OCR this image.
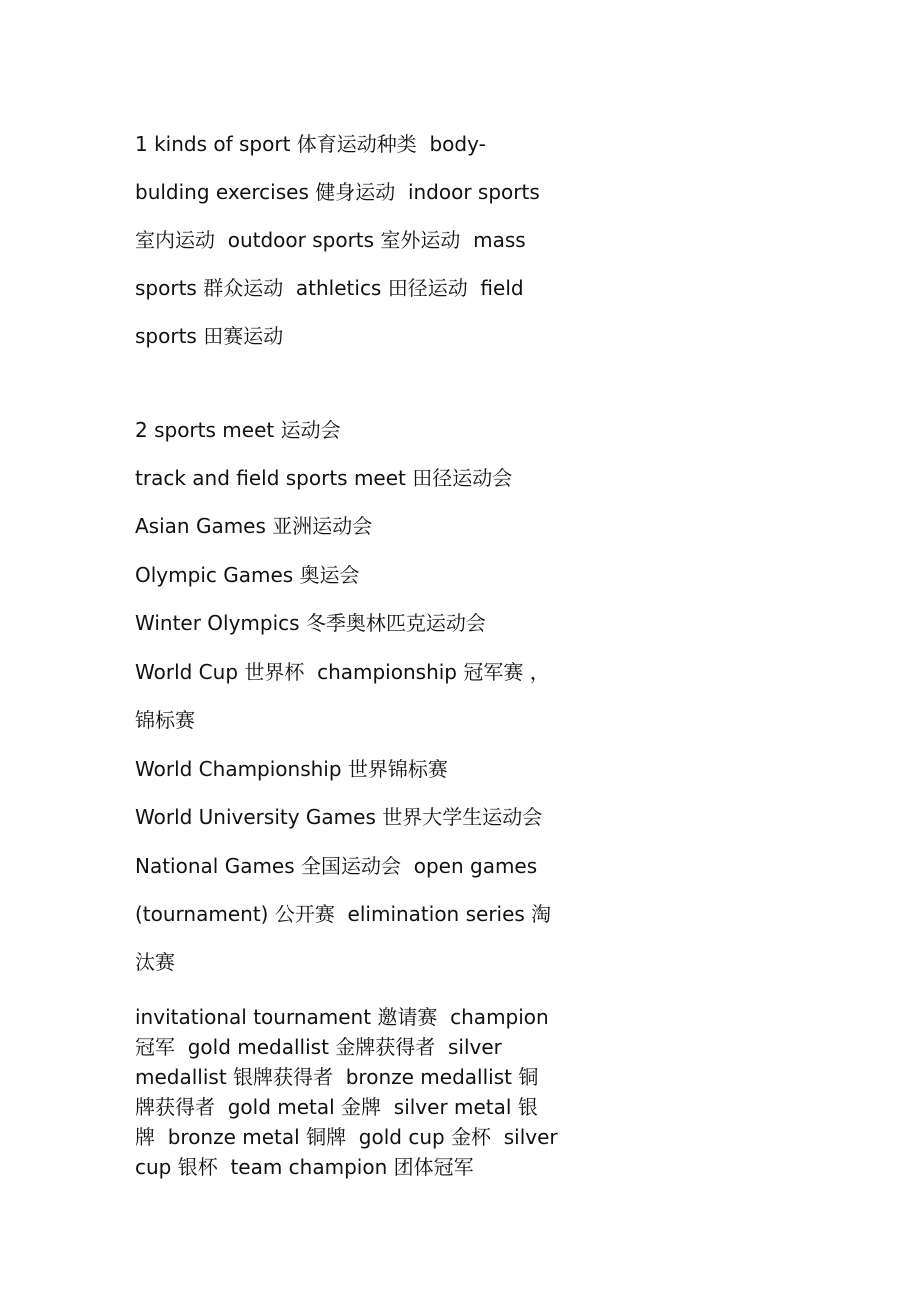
1 kinds of sport 体育运动种类  body-
bulding exercises 健身运动  indoor sports
室内运动  outdoor sports 室外运动  mass
sports 群众运动  athletics 田径运动  field
sports 田赛运动
2 sports meet 运动会
track and field sports meet 田径运动会
Asian Games 亚洲运动会
Olympic Games 奥运会
Winter Olympics 冬季奥林匹克运动会
World Cup 世界杯  championship 冠军赛 ，
锦标赛
World Championship 世界锦标赛
World University Games 世界大学生运动会
National Games 全国运动会  open games
(tournament) 公开赛  elimination series 淘
汰赛
invitational tournament 邀请赛  champion
冠军  gold medallist 金牌获得者  silver
medallist 银牌获得者  bronze medallist 铜
牌获得者  gold metal 金牌  silver metal 银
牌  bronze metal 铜牌  gold cup 金杯  silver
cup 银杯  team champion 团体冠军
